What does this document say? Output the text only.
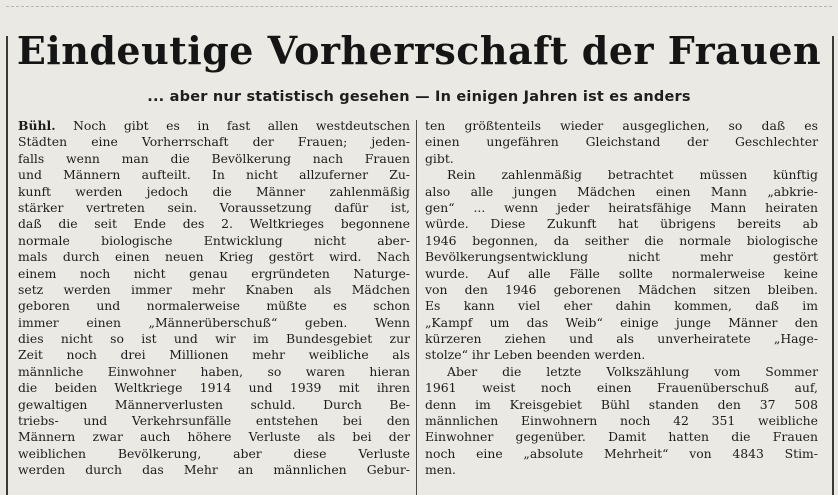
Eindeutige Vorherrschaft der Frauen
... aber nur statistisch gesehen — In einigen Jahren ist es anders
Bühl. Noch gibt es in fast allen westdeutschen
Städten eine Vorherrschaft der Frauen; jeden-
falls wenn man die Bevölkerung nach Frauen
und Männern aufteilt. In nicht allzuferner Zu-
kunft werden jedoch die Männer zahlenmäßig
stärker vertreten sein. Voraussetzung dafür ist,
daß die seit Ende des 2. Weltkrieges begonnene
normale biologische Entwicklung nicht aber-
mals durch einen neuen Krieg gestört wird. Nach
einem noch nicht genau ergründeten Naturge-
setz werden immer mehr Knaben als Mädchen
geboren und normalerweise müßte es schon
immer einen „Männerüberschuß“ geben. Wenn
dies nicht so ist und wir im Bundesgebiet zur
Zeit noch drei Millionen mehr weibliche als
männliche Einwohner haben, so waren hieran
die beiden Weltkriege 1914 und 1939 mit ihren
gewaltigen Männerverlusten schuld. Durch Be-
triebs- und Verkehrsunfälle entstehen bei den
Männern zwar auch höhere Verluste als bei der
weiblichen Bevölkerung, aber diese Verluste
werden durch das Mehr an männlichen Gebur-
ten größtenteils wieder ausgeglichen, so daß es
einen ungefähren Gleichstand der Geschlechter
gibt.
Rein zahlenmäßig betrachtet müssen künftig
also alle jungen Mädchen einen Mann „abkrie-
gen“ ... wenn jeder heiratsfähige Mann heiraten
würde. Diese Zukunft hat übrigens bereits ab
1946 begonnen, da seither die normale biologische
Bevölkerungsentwicklung nicht mehr gestört
wurde. Auf alle Fälle sollte normalerweise keine
von den 1946 geborenen Mädchen sitzen bleiben.
Es kann viel eher dahin kommen, daß im
„Kampf um das Weib“ einige junge Männer den
kürzeren ziehen und als unverheiratete „Hage-
stolze“ ihr Leben beenden werden.
Aber die letzte Volkszählung vom Sommer
1961 weist noch einen Frauenüberschuß auf,
denn im Kreisgebiet Bühl standen den 37 508
männlichen Einwohnern noch 42 351 weibliche
Einwohner gegenüber. Damit hatten die Frauen
noch eine „absolute Mehrheit“ von 4843 Stim-
men.
